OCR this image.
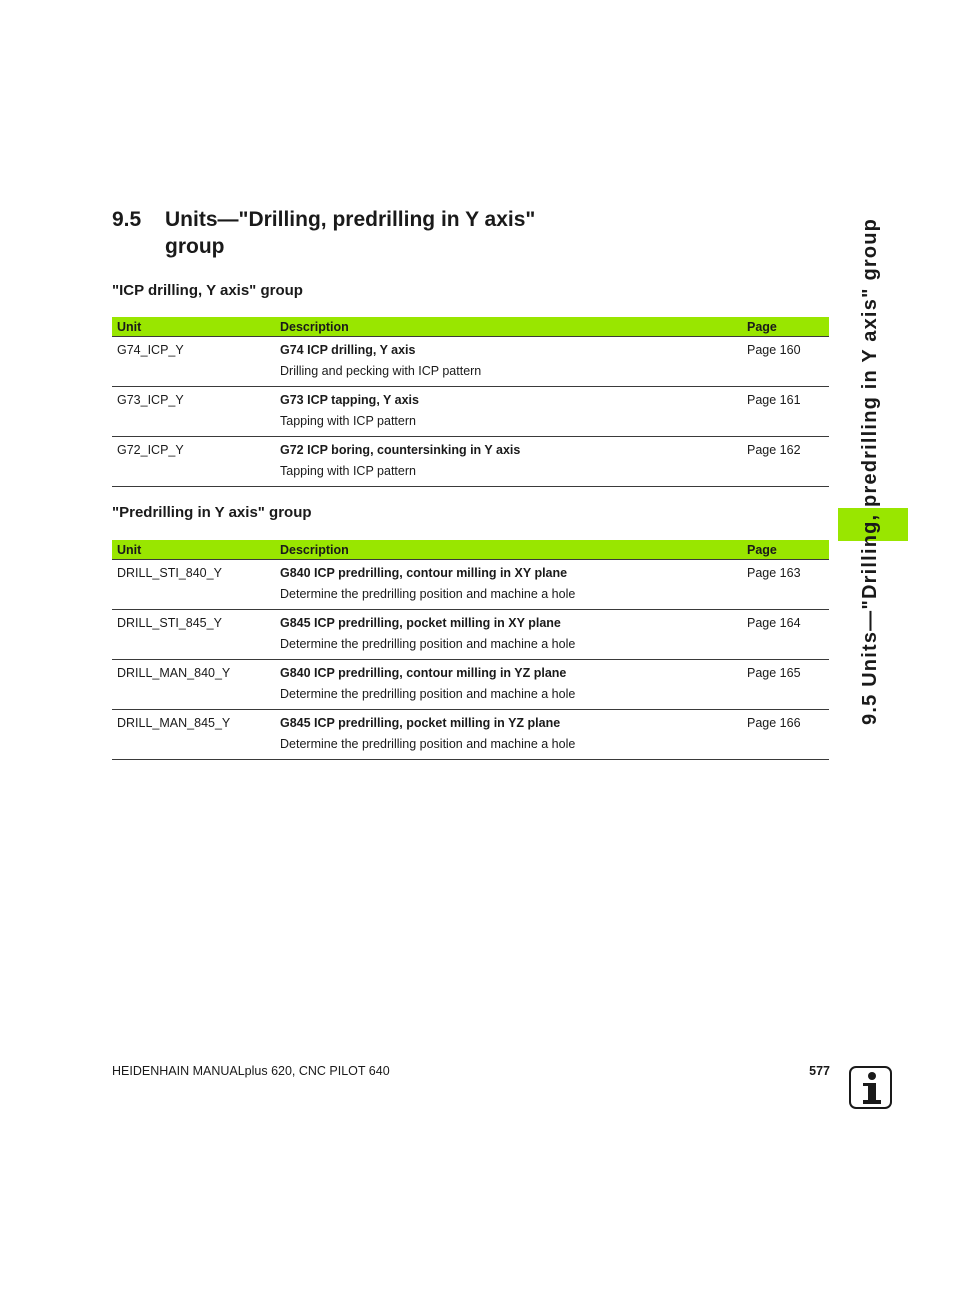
9.5 Units—"Drilling, predrilling in Y axis" group
"ICP drilling, Y axis" group
Unit	Description	Page

G74_ICP_Y	G74 ICP drilling, Y axis
Drilling and pecking with ICP pattern	Page 160

G73_ICP_Y	G73 ICP tapping, Y axis
Tapping with ICP pattern	Page 161

G72_ICP_Y	G72 ICP boring, countersinking in Y axis
Tapping with ICP pattern	Page 162
"Predrilling in Y axis" group
Unit	Description	Page

DRILL_STI_840_Y	G840 ICP predrilling, contour milling in XY plane
Determine the predrilling position and machine a hole	Page 163

DRILL_STI_845_Y	G845 ICP predrilling, pocket milling in XY plane
Determine the predrilling position and machine a hole	Page 164

DRILL_MAN_840_Y	G840 ICP predrilling, contour milling in YZ plane
Determine the predrilling position and machine a hole	Page 165

DRILL_MAN_845_Y	G845 ICP predrilling, pocket milling in YZ plane
Determine the predrilling position and machine a hole	Page 166	9.5 Units—"Drilling, predrilling in Y axis" group
HEIDENHAIN MANUALplus 620, CNC PILOT 640	577
